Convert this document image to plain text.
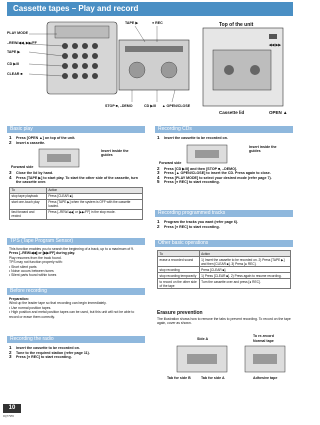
Cassette tapes – Play and record
PLAY MODE
–REW/◀◀, ▶▶/FF
TAPE ▶
CD ▶/II
CLEAR ■
TAPE ▶	● REC
STOP ■, –DEMO	CD ▶/II ▲ OPEN/CLOSE
Top of the unit
◀◀ ▶▶
Cassette lid	OPEN ▲
Basic play
1	Press [OPEN ▲] on top of the unit.
2	Insert a cassette.
Forward side
Insert inside the guides
3	Close the lid by hand.
4	Press [TAPE ▶] to start play. To start the other side of the cassette, turn the cassette over.
To	Action
stop tape playback	Press [CLEAR ■].
start one-touch play	Press [TAPE ▶] when the system is OFF with the cassette loaded.
fast forward and rewind	Press [–REW/◀◀] or [▶▶/FF] in the stop mode.
TPS (Tape Program Sensor)
This function enables you to search the beginning of a track, up to a maximum of 9.
Press [–REW/◀◀] or [▶▶/FF] during play.
Play resumes from the track found.
TPS may not function properly with:
• Short silent parts
• Noise occurs between tunes
• Silent parts found within tunes
Before recording
Preparation:
Wind up the leader tape so that recording can begin immediately.
• Use normal position tapes.
• High position and metal position tapes can be used, but this unit will not be able to record or erase them correctly.
Recording the radio
1	Insert the cassette to be recorded on.
2	Tune to the required station (refer page 11).
3	Press [● REC] to start recording.
Recording CDs
1	Insert the cassette to be recorded on.
Forward side
Insert inside the guides
2	Press [CD ▶/II] and then [STOP ■, –DEMO].
3	Press [▲ OPEN/CLOSE] to insert the CD. Press again to close.
4	Press [PLAY MODE] to select your desired mode (refer page 7).
5	Press [● REC] to start recording.
Recording programmed tracks
1	Program the tracks you want (refer page 6).
2	Press [● REC] to start recording.
Other basic operations
To	Action
erase a recorded sound	1) Insert the cassette to be recorded on. 2) Press [TAPE ▶] and then [CLEAR ■]. 3) Press [● REC].
stop recording	Press [CLEAR ■].
stop recording temporarily	1) Press [CLEAR ■]. 2) Press again to resume recording.
to record on the other side of the tape	Turn the cassette over and press [● REC].
Erasure prevention
The illustration shows how to remove the tabs to prevent recording. To record on the tape again, cover as shown.
Side A
To re-record
Normal tape
Tab for side B	Tab for side A	Adhesive tape
10
RQT7955
